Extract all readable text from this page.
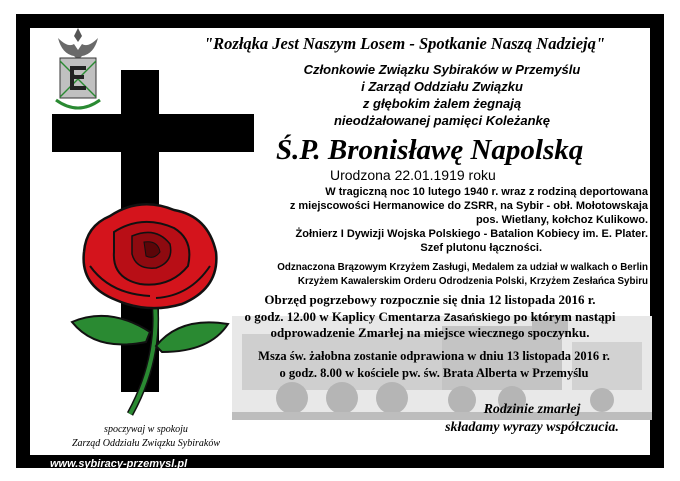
"Rozłąka Jest Naszym Losem - Spotkanie Naszą Nadzieją"
Członkowie Związku Sybiraków w Przemyślu
i Zarząd Oddziału Związku
z głębokim żalem żegnają
nieodżałowanej pamięci Koleżankę
Ś.P. Bronisławę Napolską
Urodzona 22.01.1919 roku
W tragiczną noc 10 lutego 1940 r. wraz z rodziną deportowana
z miejscowości Hermanowice do ZSRR, na Sybir - obł. Mołotowskaja
pos. Wietlany, kołchoz Kulikowo.
Żołnierz I Dywizji Wojska Polskiego - Batalion Kobiecy im. E. Plater.
Szef plutonu łączności.
Odznaczona Brązowym Krzyżem Zasługi, Medalem za udział w walkach o Berlin
Krzyżem Kawalerskim Orderu Odrodzenia Polski, Krzyżem Zesłańca Sybiru
Obrzęd pogrzebowy rozpocznie się dnia 12 listopada 2016 r.
o godz. 12.00 w Kaplicy Cmentarza Zasańskiego po którym nastąpi
odprowadzenie Zmarłej na miejsce wiecznego spoczynku.
Msza św. żałobna zostanie odprawiona w dniu 13 listopada 2016 r.
o godz. 8.00 w kościele pw. św. Brata Alberta w Przemyślu
Rodzinie zmarłej
składamy wyrazy współczucia.
spoczywaj w spokoju
Zarząd Oddziału Związku Sybiraków
www.sybiracy-przemysl.pl
